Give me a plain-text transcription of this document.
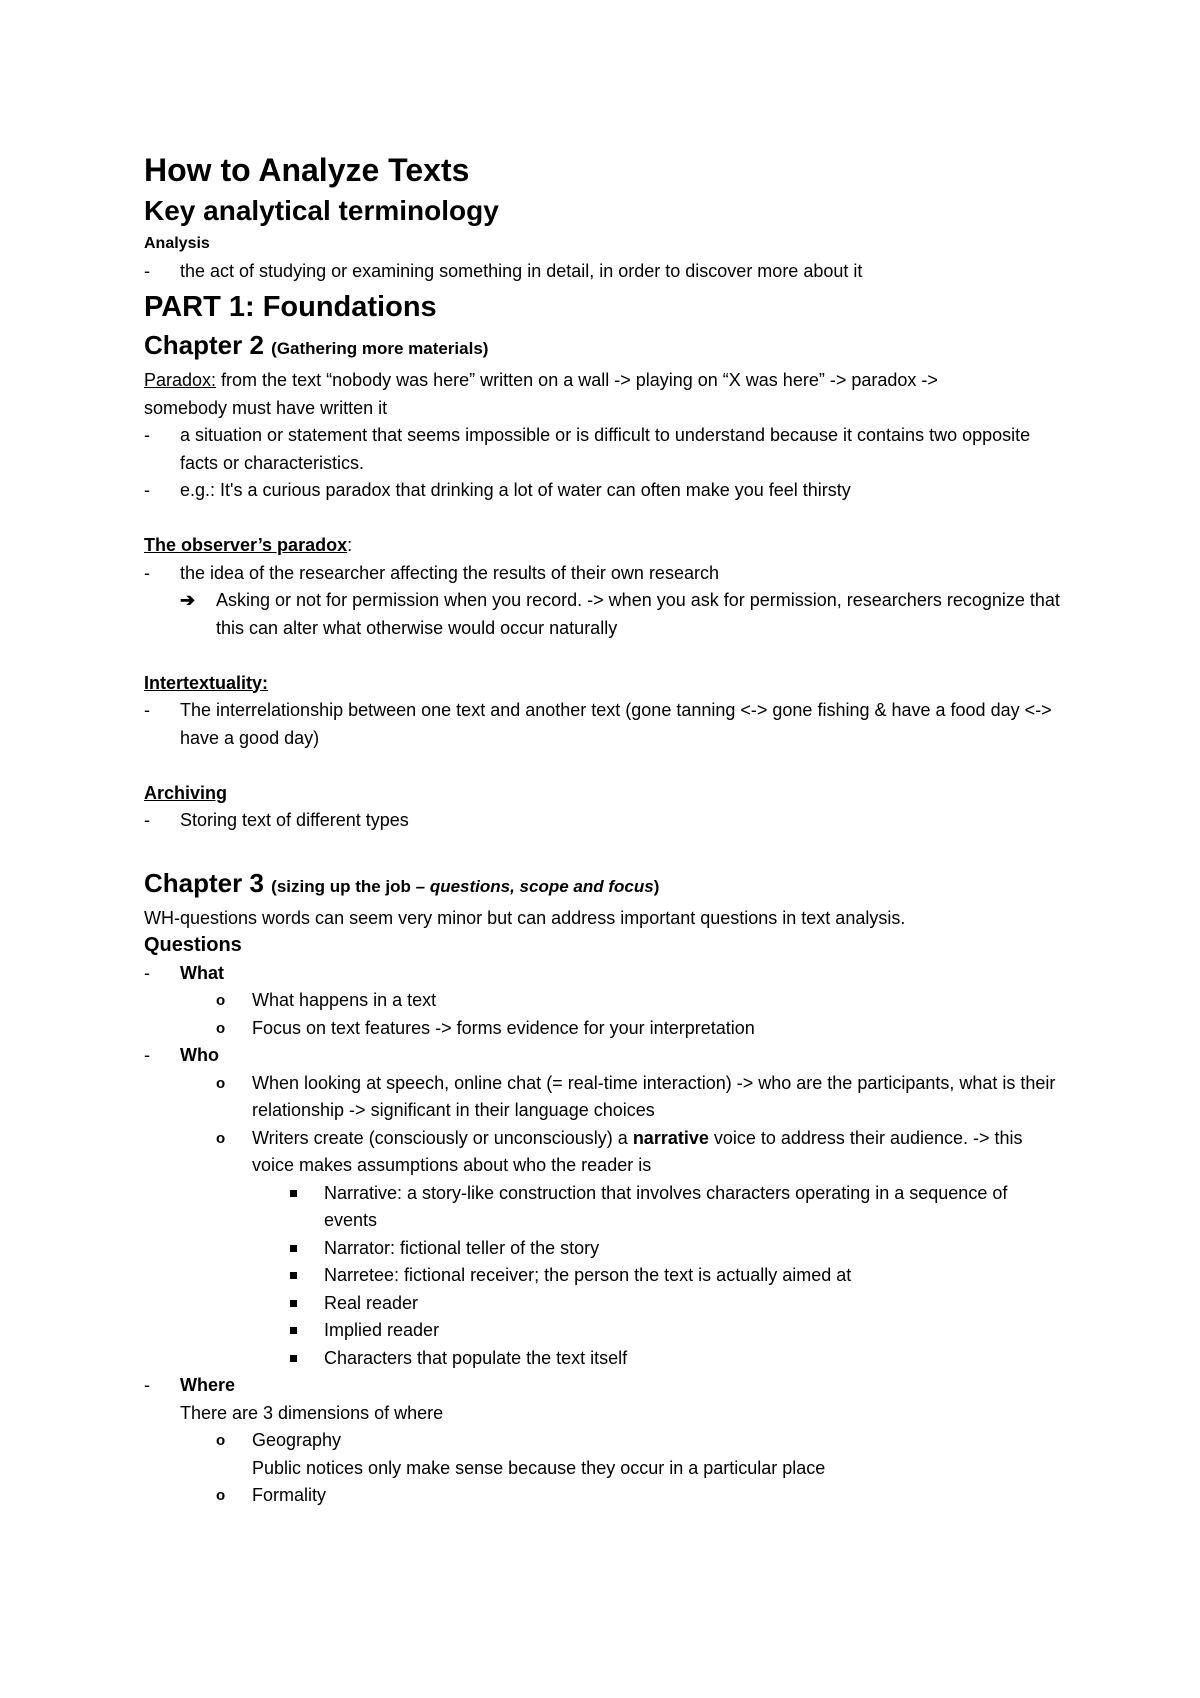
How to Analyze Texts
Key analytical terminology
Analysis
-	the act of studying or examining something in detail, in order to discover more about it
PART 1: Foundations
Chapter 2 (Gathering more materials)
Paradox: from the text “nobody was here” written on a wall -> playing on “X was here” -> paradox ->
somebody must have written it
-	a situation or statement that seems impossible or is difficult to understand because it contains two opposite facts or characteristics.
-	e.g.: It's a curious paradox that drinking a lot of water can often make you feel thirsty
The observer’s paradox:
-	the idea of the researcher affecting the results of their own research
➔ Asking or not for permission when you record. -> when you ask for permission, researchers recognize that this can alter what otherwise would occur naturally
Intertextuality:
-	The interrelationship between one text and another text (gone tanning <-> gone fishing & have a food day <-> have a good day)
Archiving
-	Storing text of different types
Chapter 3 (sizing up the job – questions, scope and focus)
WH-questions words can seem very minor but can address important questions in text analysis.
Questions
-	What
o	What happens in a text
o	Focus on text features -> forms evidence for your interpretation
-	Who
o	When looking at speech, online chat (= real-time interaction) -> who are the participants, what is their relationship -> significant in their language choices
o	Writers create (consciously or unconsciously) a narrative voice to address their audience. -> this voice makes assumptions about who the reader is
Narrative: a story-like construction that involves characters operating in a sequence of events
Narrator: fictional teller of the story
Narretee: fictional receiver; the person the text is actually aimed at
Real reader
Implied reader
Characters that populate the text itself
-	Where
There are 3 dimensions of where
o	Geography
Public notices only make sense because they occur in a particular place
o	Formality
